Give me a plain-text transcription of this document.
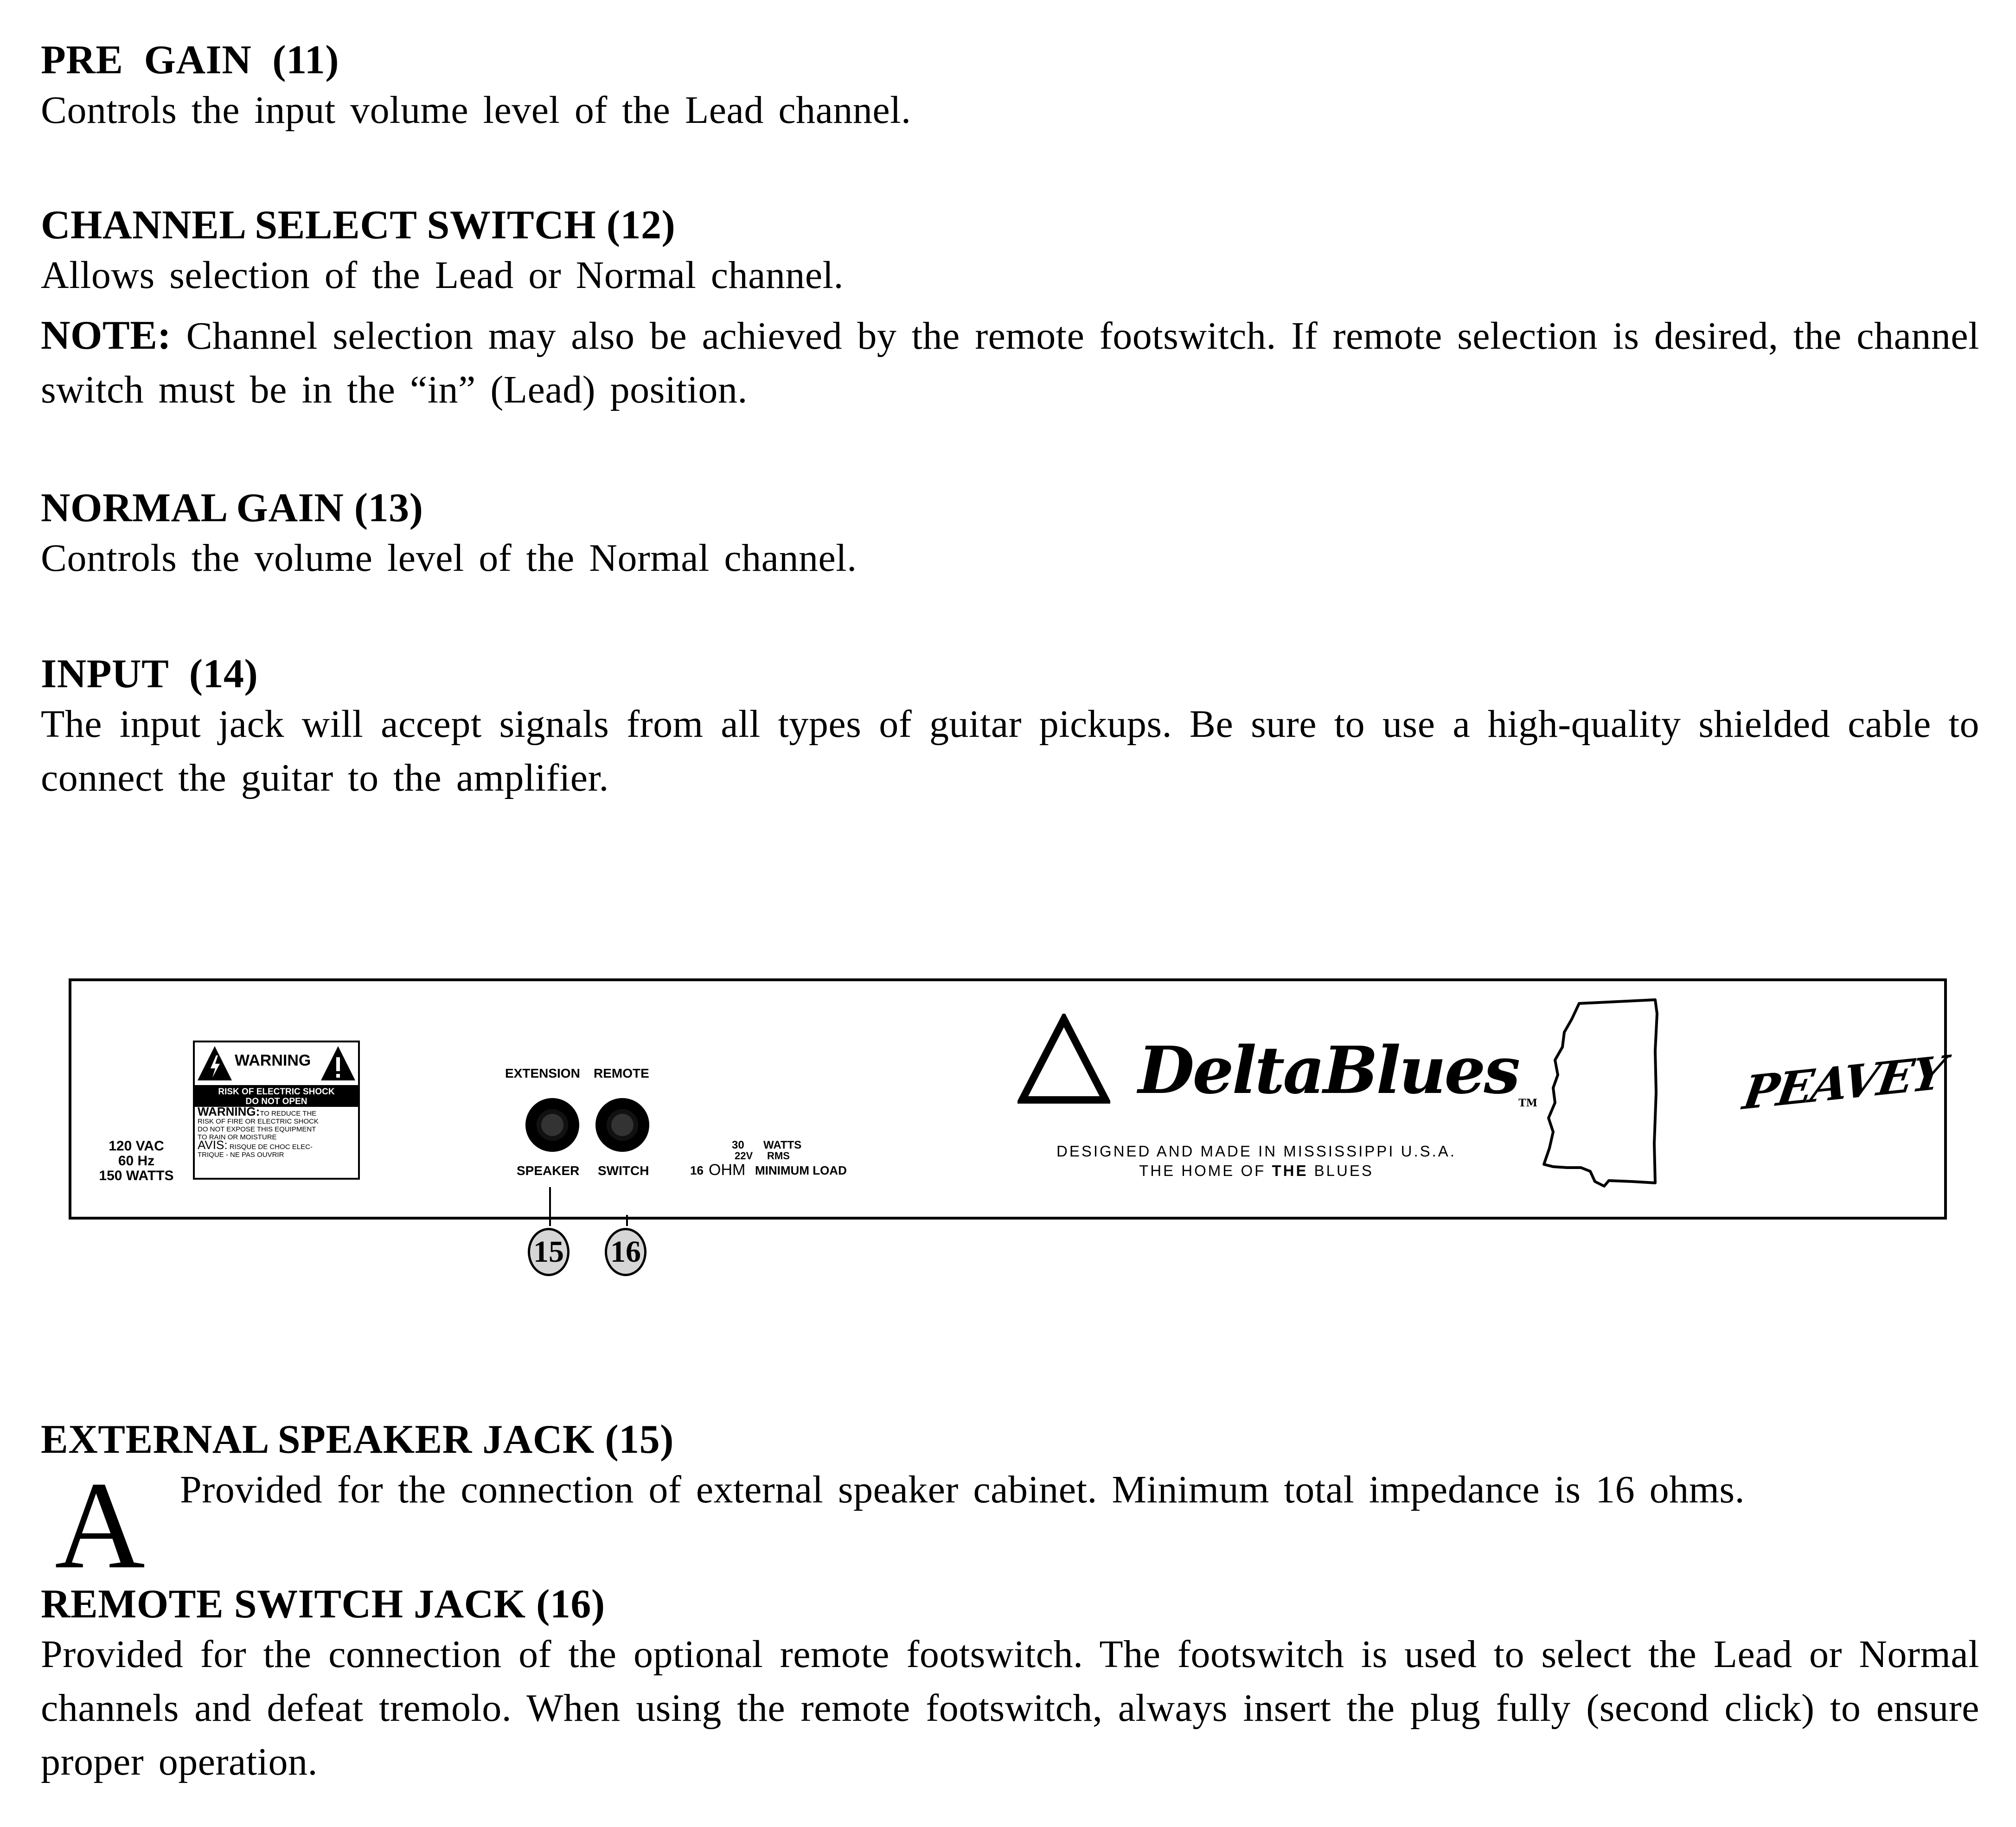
PRE  GAIN  (11)

Controls the input volume level of the Lead channel.

CHANNEL SELECT SWITCH (12)

Allows selection of the Lead or Normal channel.

NOTE: Channel selection may also be achieved by the remote footswitch. If remote selection is desired, the channel switch must be in the “in” (Lead) position.

NORMAL GAIN (13)

Controls the volume level of the Normal channel.

INPUT  (14)

The input jack will accept signals from all types of guitar pickups. Be sure to use a high-quality shielded cable to connect the guitar to the amplifier.

120 VAC
60 Hz
150 WATTS
WARNING
RISK OF ELECTRIC SHOCK
DO NOT OPEN
WARNING:TO REDUCE THE
RISK OF FIRE OR ELECTRIC SHOCK
DO NOT EXPOSE THIS EQUIPMENT
TO RAIN OR MOISTURE
AVIS: RISQUE DE CHOC ELEC-
TRIQUE - NE PAS OUVRIR
EXTENSION REMOTE
SPEAKER SWITCH
30 WATTS
22V RMS
16 OHM MINIMUM LOAD
DeltaBlues$_{TM}$
DESIGNED AND MADE IN MISSISSIPPI U.S.A.
THE HOME OF THE BLUES
PEAVEY
15 16

EXTERNAL SPEAKER JACK (15)

Provided for the connection of external speaker cabinet. Minimum total impedance is 16 ohms.

A

REMOTE SWITCH JACK (16)

Provided for the connection of the optional remote footswitch. The footswitch is used to select the Lead or Normal channels and defeat tremolo. When using the remote footswitch, always insert the plug fully (second click) to ensure proper operation.
